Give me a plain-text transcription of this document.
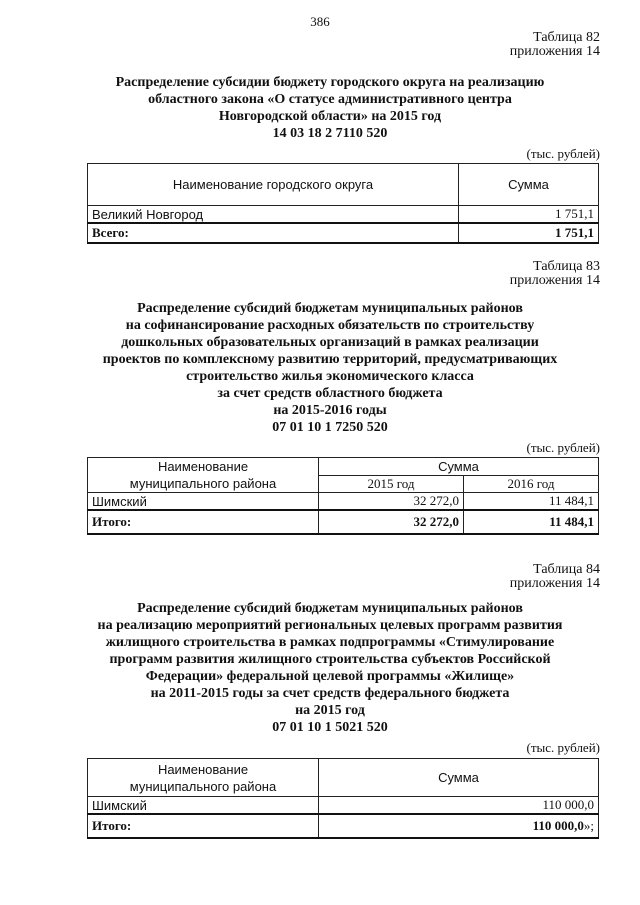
386
Таблица 82
приложения 14
Распределение субсидии бюджету городского округа на реализацию
областного закона «О статусе административного центра
Новгородской области» на 2015 год
14 03 18 2 7110 520
(тыс. рублей)
Наименование городского округа	Сумма
Великий Новгород	1 751,1
Всего:	1 751,1
Таблица 83
приложения 14
Распределение субсидий бюджетам муниципальных районов
на софинансирование расходных обязательств по строительству
дошкольных образовательных организаций в рамках реализации
проектов по комплексному развитию территорий, предусматривающих
строительство жилья экономического класса
за счет средств областного бюджета
на 2015-2016 годы
07 01 10 1 7250 520
(тыс. рублей)
Наименование
муниципального района	Сумма	
	2015 год	2016 год
Шимский	32 272,0	11 484,1
Итого:	32 272,0	11 484,1
Таблица 84
приложения 14
Распределение субсидий бюджетам муниципальных районов
на реализацию мероприятий региональных целевых программ развития
жилищного строительства в рамках подпрограммы «Стимулирование
программ развития жилищного строительства субъектов Российской
Федерации» федеральной целевой программы «Жилище»
на 2011-2015 годы за счет средств федерального бюджета
на 2015 год
07 01 10 1 5021 520
(тыс. рублей)
Наименование
муниципального района	Сумма
Шимский	110 000,0
Итого:	110 000,0»;
